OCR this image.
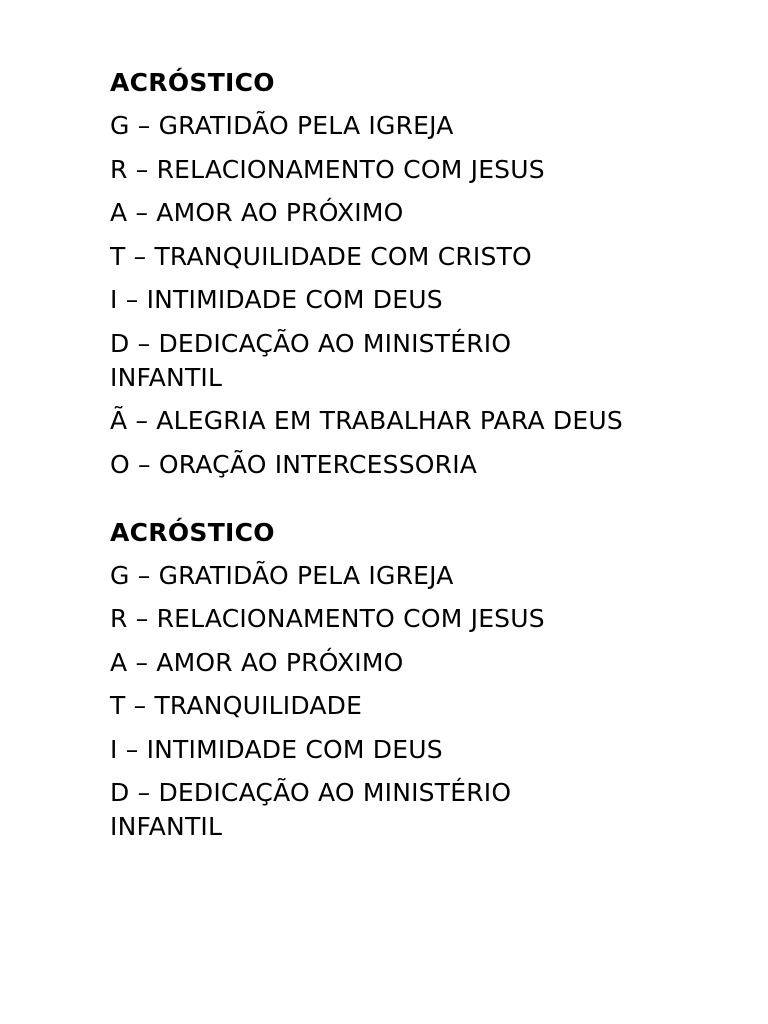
ACRÓSTICO

G – GRATIDÃO PELA IGREJA

R – RELACIONAMENTO COM JESUS

A – AMOR AO PRÓXIMO

T – TRANQUILIDADE COM CRISTO

I – INTIMIDADE COM DEUS

D – DEDICAÇÃO AO MINISTÉRIO INFANTIL

Ã – ALEGRIA EM TRABALHAR PARA DEUS

O – ORAÇÃO INTERCESSORIA

ACRÓSTICO

G – GRATIDÃO PELA IGREJA

R – RELACIONAMENTO COM JESUS

A – AMOR AO PRÓXIMO

T – TRANQUILIDADE

I – INTIMIDADE COM DEUS

D – DEDICAÇÃO AO MINISTÉRIO INFANTIL
